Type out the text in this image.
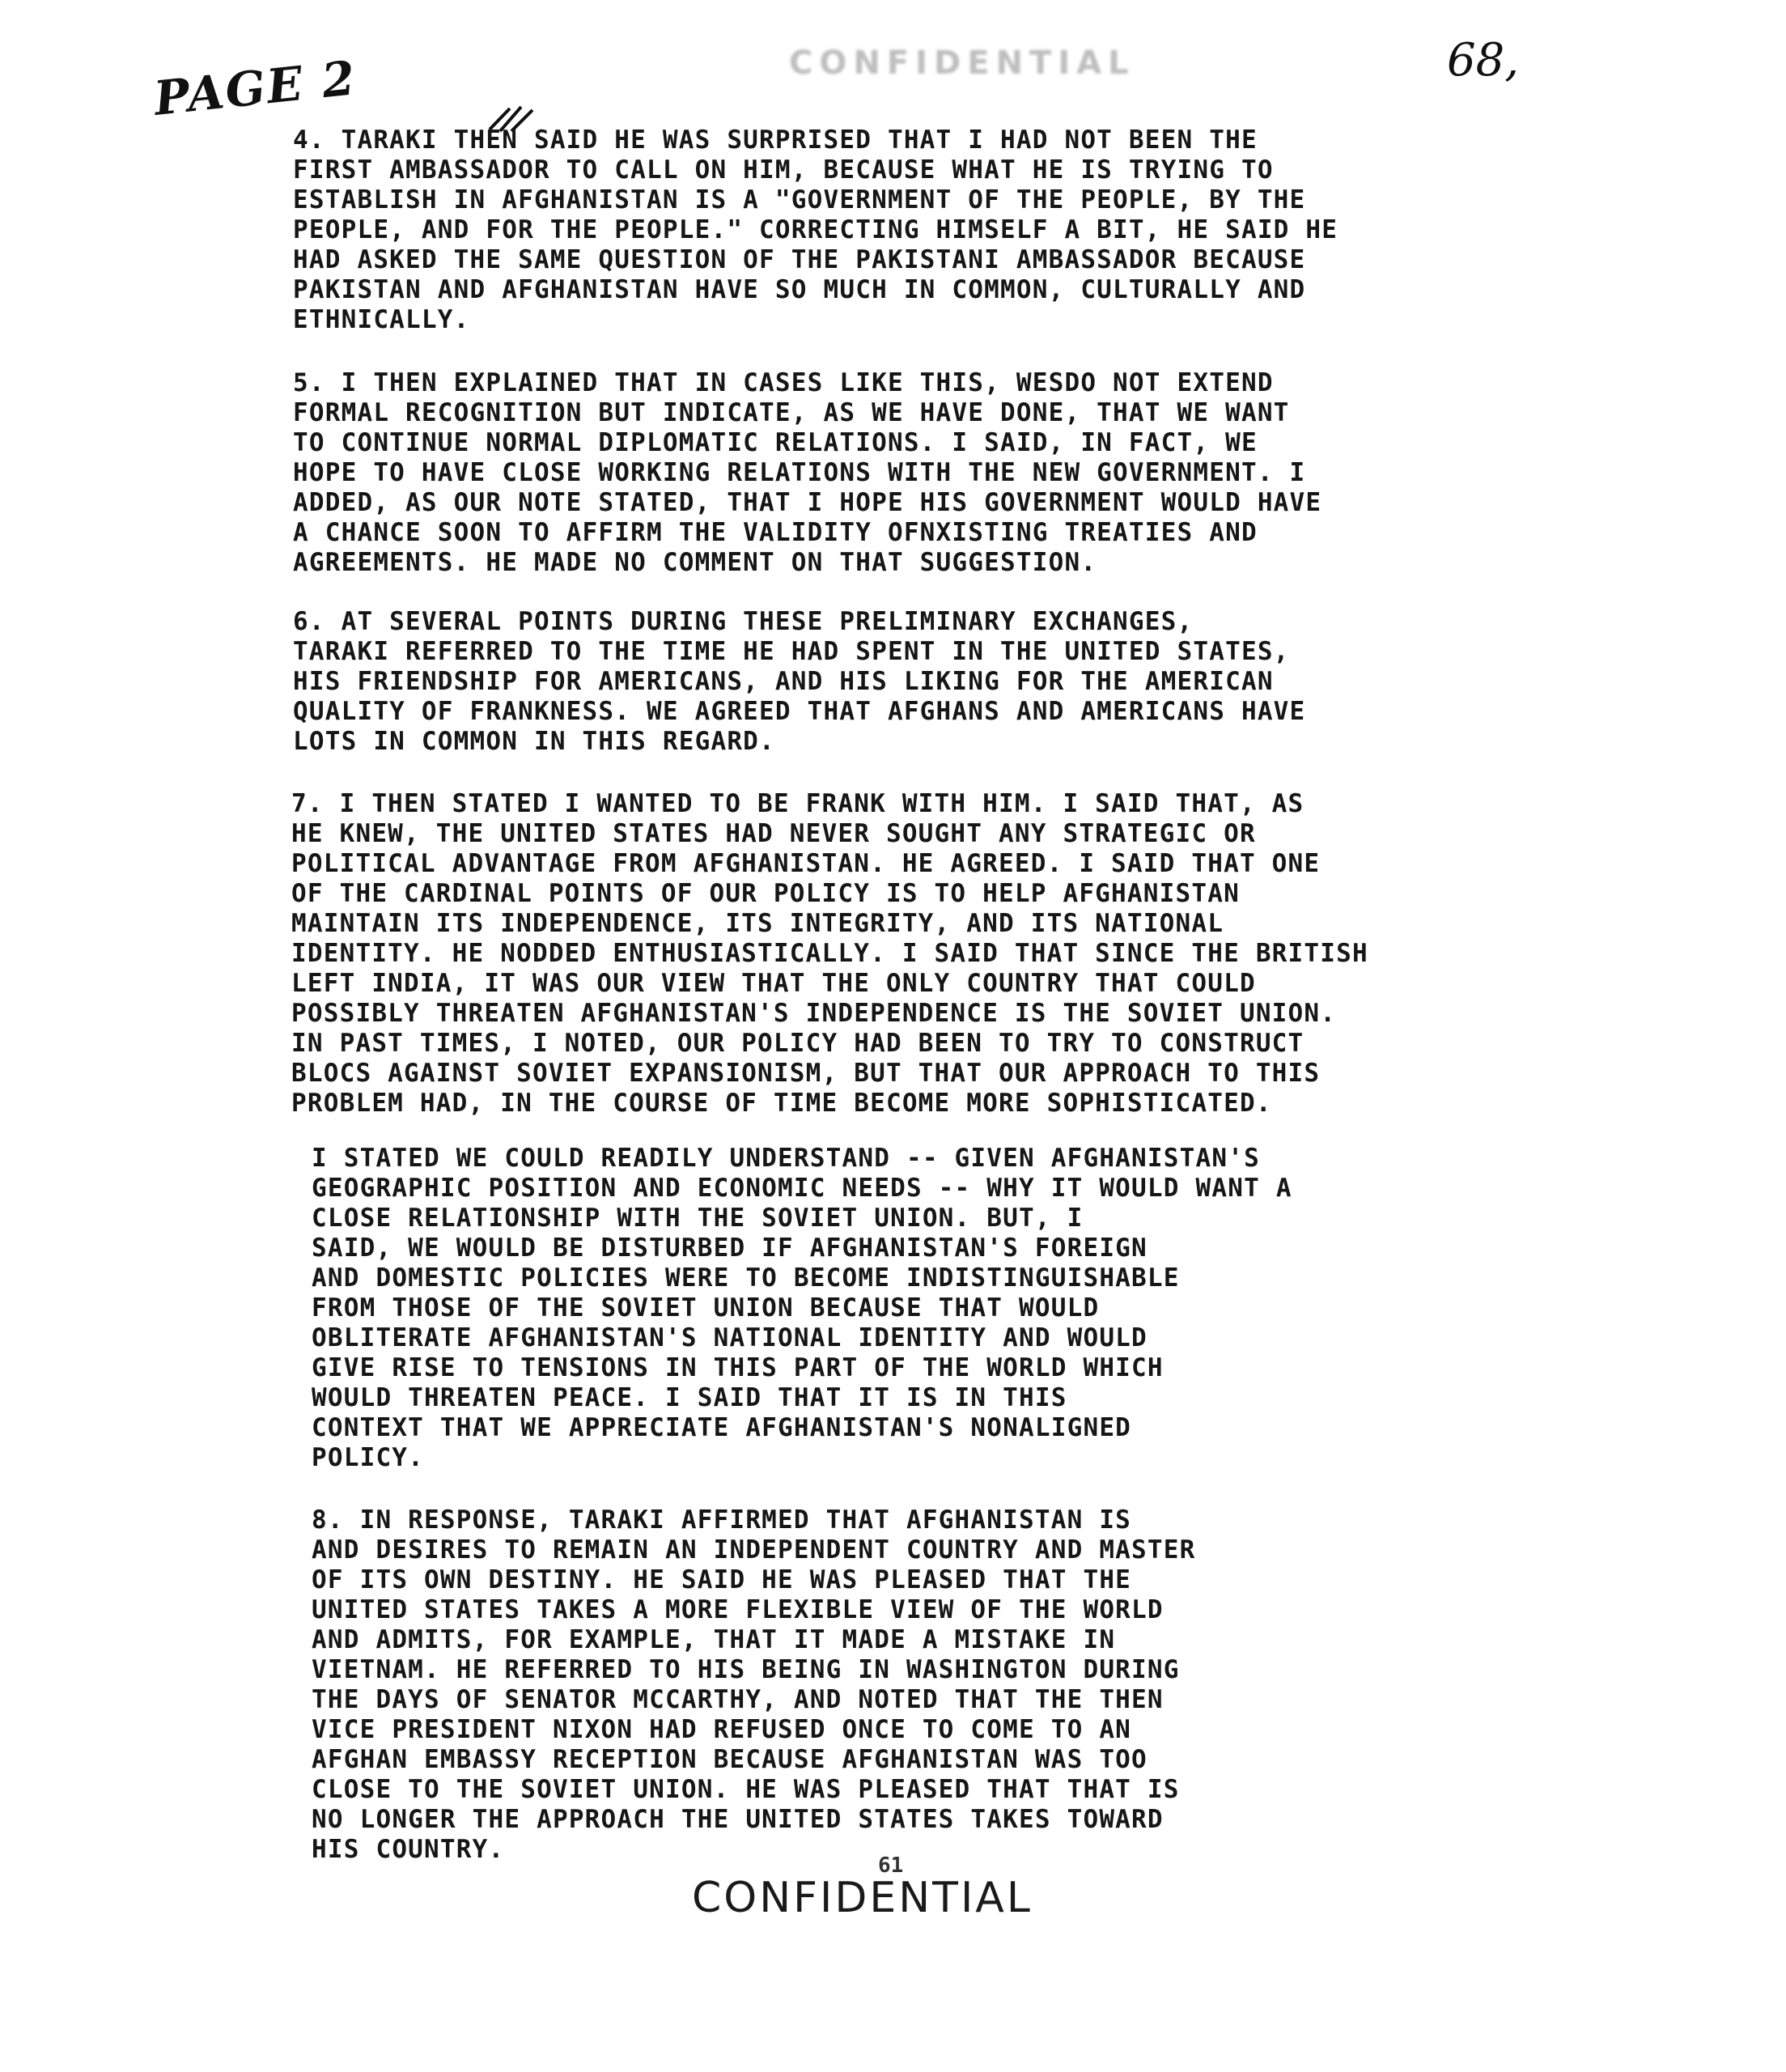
PAGE 2	CONFIDENTIAL	68,

4. TARAKI THEN SAID HE WAS SURPRISED THAT I HAD NOT BEEN THE
FIRST AMBASSADOR TO CALL ON HIM, BECAUSE WHAT HE IS TRYING TO
ESTABLISH IN AFGHANISTAN IS A "GOVERNMENT OF THE PEOPLE, BY THE
PEOPLE, AND FOR THE PEOPLE." CORRECTING HIMSELF A BIT, HE SAID HE
HAD ASKED THE SAME QUESTION OF THE PAKISTANI AMBASSADOR BECAUSE
PAKISTAN AND AFGHANISTAN HAVE SO MUCH IN COMMON, CULTURALLY AND
ETHNICALLY.

5. I THEN EXPLAINED THAT IN CASES LIKE THIS, WESDO NOT EXTEND
FORMAL RECOGNITION BUT INDICATE, AS WE HAVE DONE, THAT WE WANT
TO CONTINUE NORMAL DIPLOMATIC RELATIONS. I SAID, IN FACT, WE
HOPE TO HAVE CLOSE WORKING RELATIONS WITH THE NEW GOVERNMENT. I
ADDED, AS OUR NOTE STATED, THAT I HOPE HIS GOVERNMENT WOULD HAVE
A CHANCE SOON TO AFFIRM THE VALIDITY OFNXISTING TREATIES AND
AGREEMENTS. HE MADE NO COMMENT ON THAT SUGGESTION.

6. AT SEVERAL POINTS DURING THESE PRELIMINARY EXCHANGES,
TARAKI REFERRED TO THE TIME HE HAD SPENT IN THE UNITED STATES,
HIS FRIENDSHIP FOR AMERICANS, AND HIS LIKING FOR THE AMERICAN
QUALITY OF FRANKNESS. WE AGREED THAT AFGHANS AND AMERICANS HAVE
LOTS IN COMMON IN THIS REGARD.

7. I THEN STATED I WANTED TO BE FRANK WITH HIM. I SAID THAT, AS
HE KNEW, THE UNITED STATES HAD NEVER SOUGHT ANY STRATEGIC OR
POLITICAL ADVANTAGE FROM AFGHANISTAN. HE AGREED. I SAID THAT ONE
OF THE CARDINAL POINTS OF OUR POLICY IS TO HELP AFGHANISTAN
MAINTAIN ITS INDEPENDENCE, ITS INTEGRITY, AND ITS NATIONAL
IDENTITY. HE NODDED ENTHUSIASTICALLY. I SAID THAT SINCE THE BRITISH
LEFT INDIA, IT WAS OUR VIEW THAT THE ONLY COUNTRY THAT COULD
POSSIBLY THREATEN AFGHANISTAN'S INDEPENDENCE IS THE SOVIET UNION.
IN PAST TIMES, I NOTED, OUR POLICY HAD BEEN TO TRY TO CONSTRUCT
BLOCS AGAINST SOVIET EXPANSIONISM, BUT THAT OUR APPROACH TO THIS
PROBLEM HAD, IN THE COURSE OF TIME BECOME MORE SOPHISTICATED.

I STATED WE COULD READILY UNDERSTAND -- GIVEN AFGHANISTAN'S
GEOGRAPHIC POSITION AND ECONOMIC NEEDS -- WHY IT WOULD WANT A
CLOSE RELATIONSHIP WITH THE SOVIET UNION. BUT, I
SAID, WE WOULD BE DISTURBED IF AFGHANISTAN'S FOREIGN
AND DOMESTIC POLICIES WERE TO BECOME INDISTINGUISHABLE
FROM THOSE OF THE SOVIET UNION BECAUSE THAT WOULD
OBLITERATE AFGHANISTAN'S NATIONAL IDENTITY AND WOULD
GIVE RISE TO TENSIONS IN THIS PART OF THE WORLD WHICH
WOULD THREATEN PEACE. I SAID THAT IT IS IN THIS
CONTEXT THAT WE APPRECIATE AFGHANISTAN'S NONALIGNED
POLICY.

8. IN RESPONSE, TARAKI AFFIRMED THAT AFGHANISTAN IS
AND DESIRES TO REMAIN AN INDEPENDENT COUNTRY AND MASTER
OF ITS OWN DESTINY. HE SAID HE WAS PLEASED THAT THE
UNITED STATES TAKES A MORE FLEXIBLE VIEW OF THE WORLD
AND ADMITS, FOR EXAMPLE, THAT IT MADE A MISTAKE IN
VIETNAM. HE REFERRED TO HIS BEING IN WASHINGTON DURING
THE DAYS OF SENATOR MCCARTHY, AND NOTED THAT THE THEN
VICE PRESIDENT NIXON HAD REFUSED ONCE TO COME TO AN
AFGHAN EMBASSY RECEPTION BECAUSE AFGHANISTAN WAS TOO
CLOSE TO THE SOVIET UNION. HE WAS PLEASED THAT THAT IS
NO LONGER THE APPROACH THE UNITED STATES TAKES TOWARD
HIS COUNTRY.

61
CONFIDENTIAL
